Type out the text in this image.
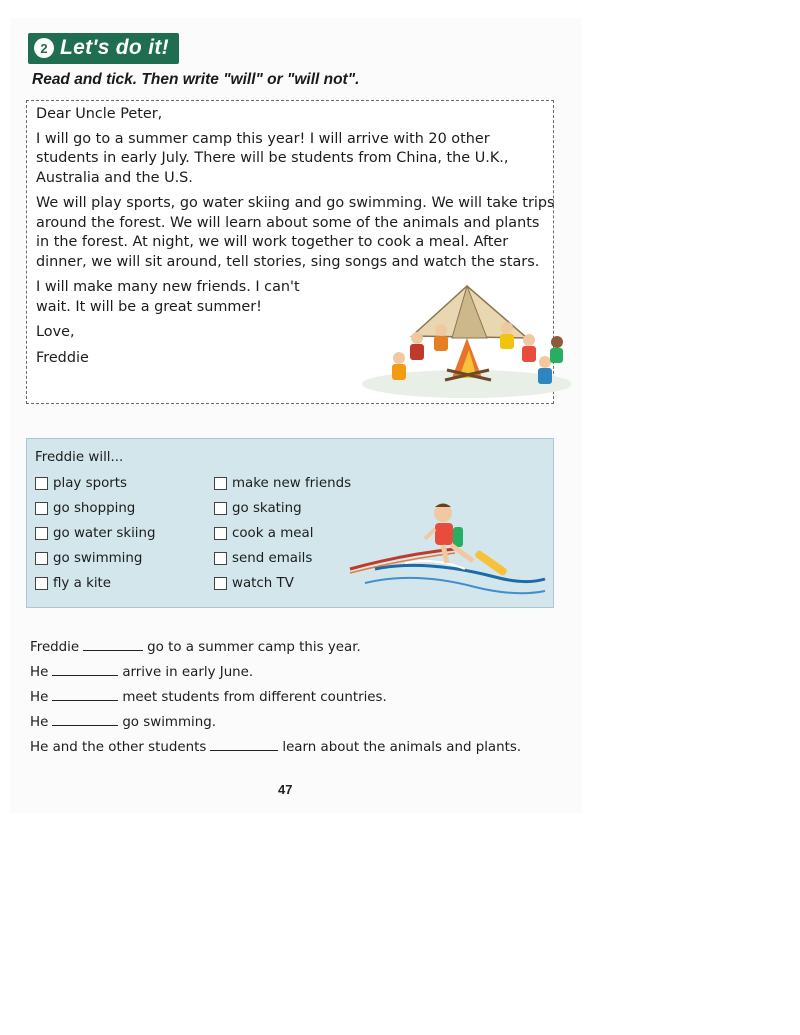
2 Let's do it!
Read and tick. Then write "will" or "will not".

Dear Uncle Peter,

I will go to a summer camp this year! I will arrive with 20 other students in early July. There will be students from China, the U.K., Australia and the U.S.

We will play sports, go water skiing and go swimming. We will take trips around the forest. We will learn about some of the animals and plants in the forest. At night, we will work together to cook a meal. After dinner, we will sit around, tell stories, sing songs and watch the stars.

I will make many new friends. I can't wait. It will be a great summer!

Love,

Freddie

Freddie will...
play sports
go shopping
go water skiing
go swimming
fly a kite
make new friends
go skating
cook a meal
send emails
watch TV
Freddie	go to a summer camp this year.
He	arrive in early June.
He	meet students from different countries.
He	go swimming.
He and the other students	learn about the animals and plants.
47
